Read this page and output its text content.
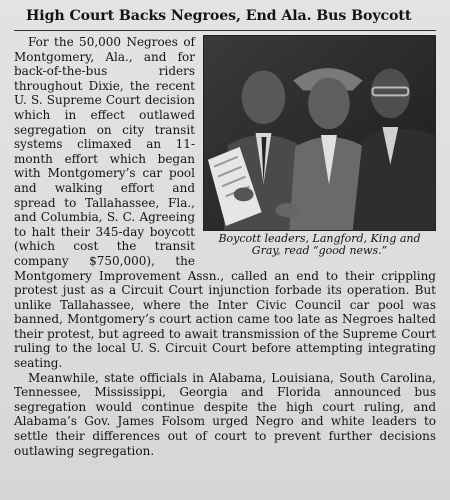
High Court Backs Negroes, End Ala. Bus Boycott
Boycott leaders, Langford, King and
Gray, read “good news.”

For the 50,000 Negroes of Montgomery, Ala., and for back-of-the-bus riders throughout Dixie, the recent U. S. Supreme Court decision which in effect outlawed segregation on city transit systems climaxed an 11-month effort which began with Montgomery’s car pool and walking effort and spread to Tallahassee, Fla., and Columbia, S. C. Agreeing to halt their 345-day boycott (which cost the transit company $750,000), the Montgomery Improvement Assn., called an end to their crippling protest just as a Circuit Court injunction forbade its operation. But unlike Tallahassee, where the Inter Civic Council car pool was banned, Montgomery’s court action came too late as Negroes halted their protest, but agreed to await transmission of the Supreme Court ruling to the local U. S. Circuit Court before attempting integrating seating.

Meanwhile, state officials in Alabama, Louisiana, South Carolina, Tennessee, Mississippi, Georgia and Florida announced bus segregation would continue despite the high court ruling, and Alabama’s Gov. James Folsom urged Negro and white leaders to settle their differences out of court to prevent further decisions outlawing segregation.
